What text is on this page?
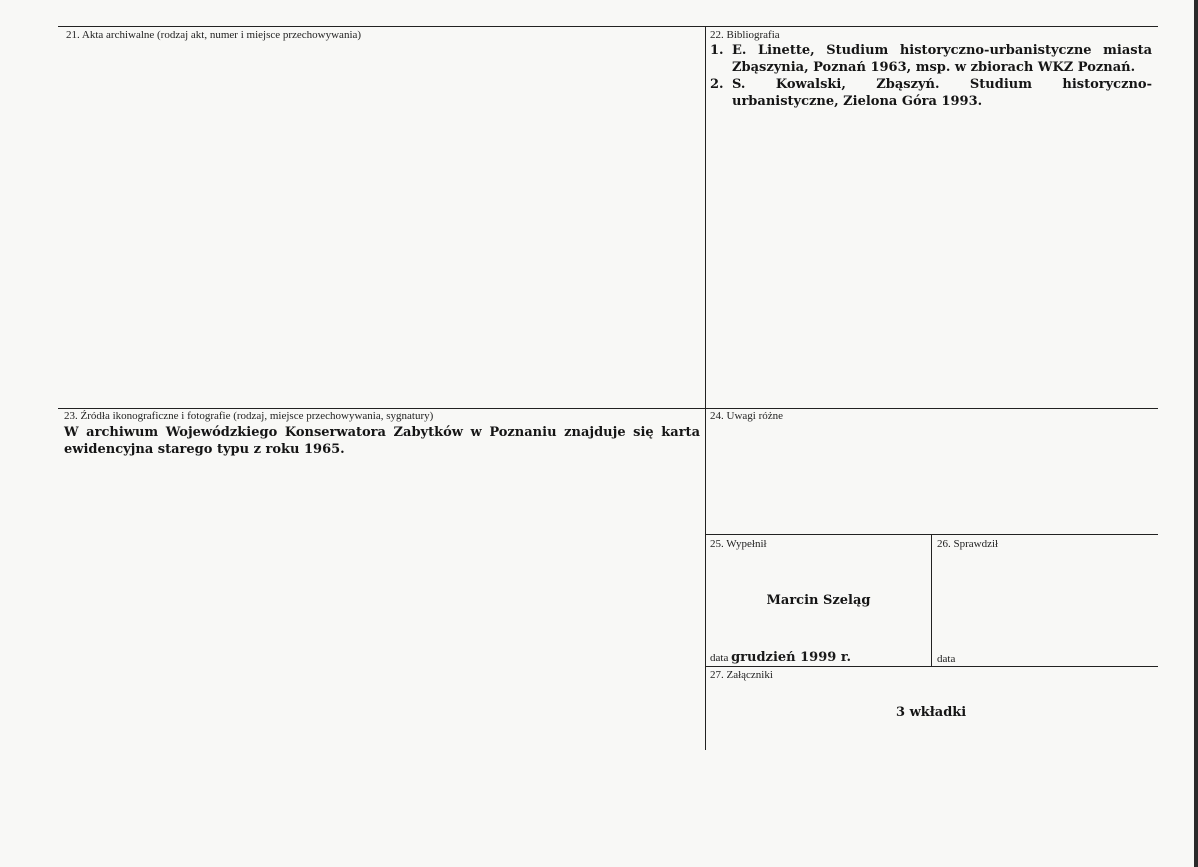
21. Akta archiwalne (rodzaj akt, numer i miejsce przechowywania)	22. Bibliografia
1. E. Linette, Studium historyczno-urbanistyczne miasta Zbąszynia, Poznań 1963, msp. w zbiorach WKZ Poznań.
2. S. Kowalski, Zbąszyń. Studium historyczno-urbanistyczne, Zielona Góra 1993.
23. Źródła ikonograficzne i fotografie (rodzaj, miejsce przechowywania, sygnatury)
W archiwum Wojewódzkiego Konserwatora Zabytków w Poznaniu znajduje się karta ewidencyjna starego typu z roku 1965.
24. Uwagi różne
25. Wypełnił
Marcin Szeląg
data grudzień 1999 r.
26. Sprawdził
data
27. Załączniki
3 wkładki
